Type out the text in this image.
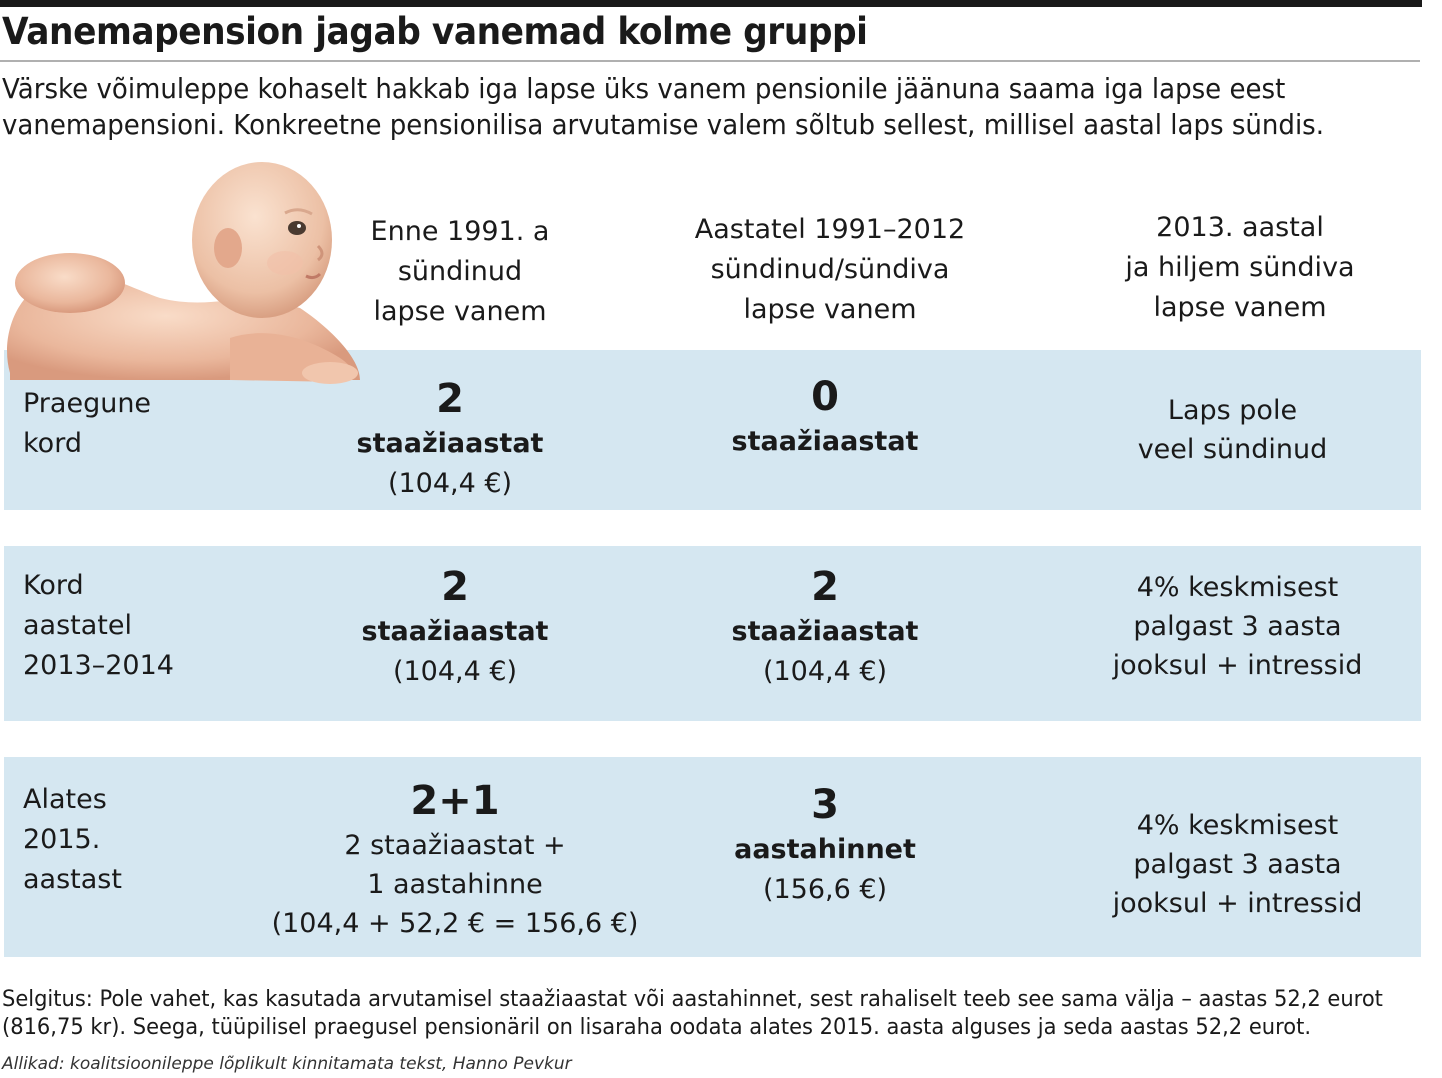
Vanemapension jagab vanemad kolme gruppi
Värske võimuleppe kohaselt hakkab iga lapse üks vanem pensionile jäänuna saama iga lapse eest
vanemapensioni. Konkreetne pensionilisa arvutamise valem sõltub sellest, millisel aastal laps sündis.
Enne 1991. a
sündinud
lapse vanem
Aastatel 1991–2012
sündinud/sündiva
lapse vanem
2013. aastal
ja hiljem sündiva
lapse vanem
Praegune
kord
2
staažiaastat
(104,4 €)
0
staažiaastat
Laps pole
veel sündinud
Kord
aastatel
2013–2014
2
staažiaastat
(104,4 €)
2
staažiaastat
(104,4 €)
4% keskmisest
palgast 3 aasta
jooksul + intressid
Alates
2015.
aastast
2+1
2 staažiaastat +
1 aastahinne
(104,4 + 52,2 € = 156,6 €)
3
aastahinnet
(156,6 €)
4% keskmisest
palgast 3 aasta
jooksul + intressid
Selgitus: Pole vahet, kas kasutada arvutamisel staažiaastat või aastahinnet, sest rahaliselt teeb see sama välja – aastas 52,2 eurot
(816,75 kr). Seega, tüüpilisel praegusel pensionäril on lisaraha oodata alates 2015. aasta alguses ja seda aastas 52,2 eurot.
Allikad: koalitsioonileppe lõplikult kinnitamata tekst, Hanno Pevkur
